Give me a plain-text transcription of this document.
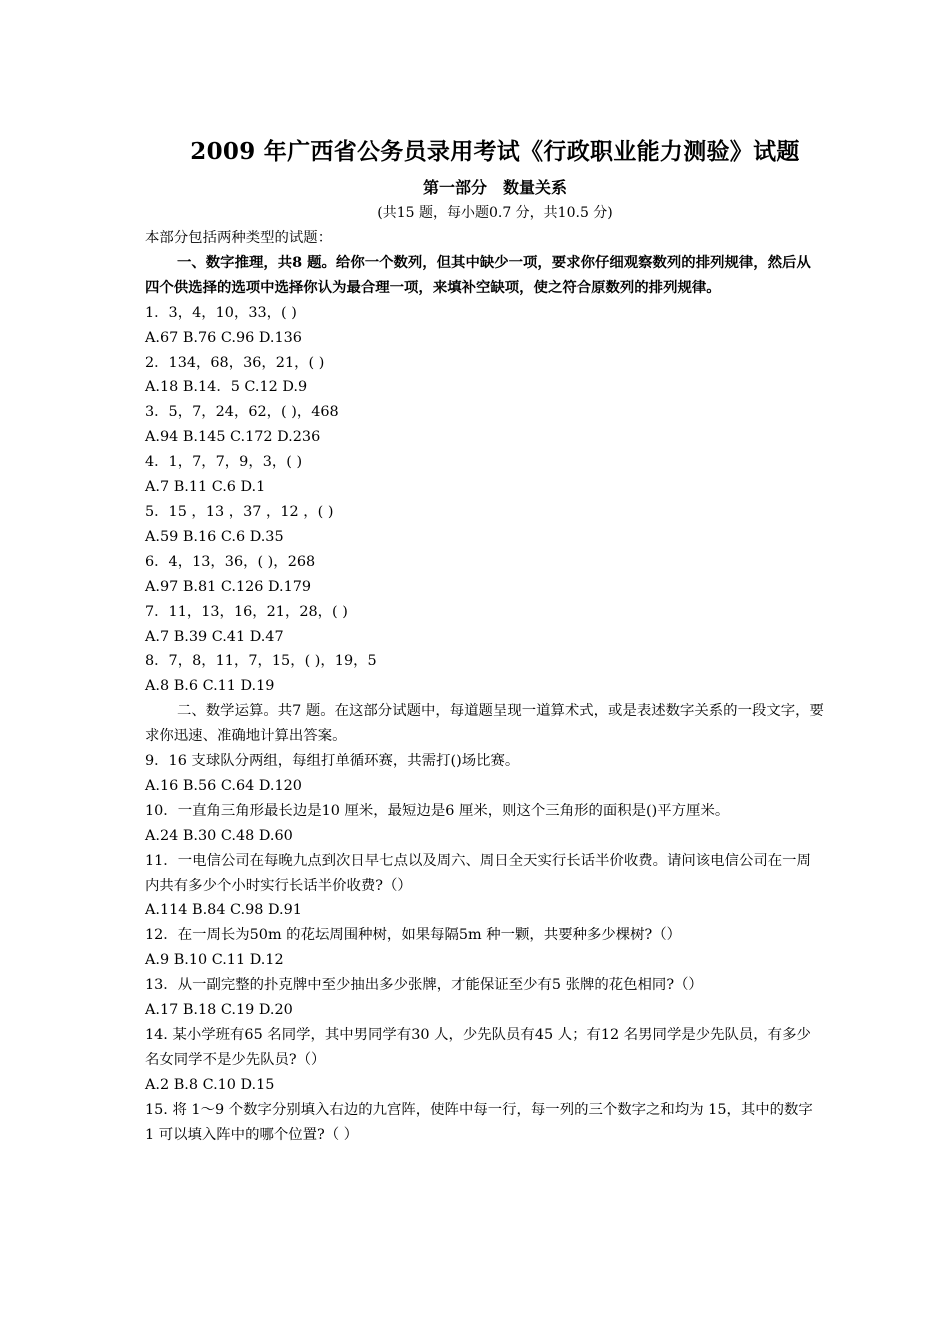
2009 年广西省公务员录用考试《行政职业能力测验》试题
第一部分　数量关系
(共15 题，每小题0.7 分，共10.5 分)
本部分包括两种类型的试题：
一、数字推理，共8 题。给你一个数列，但其中缺少一项，要求你仔细观察数列的排列规律，然后从四个供选择的选项中选择你认为最合理一项，来填补空缺项，使之符合原数列的排列规律。
1．3，4，10，33，( )
A.67 B.76 C.96 D.136
2．134，68，36，21，( )
A.18 B.14．5 C.12 D.9
3．5，7，24，62，( )，468
A.94 B.145 C.172 D.236
4．1，7，7，9，3，( )
A.7 B.11 C.6 D.1
5．15 ，13 ，37 ，12 ，( )
A.59 B.16 C.6 D.35
6．4，13，36，( )，268
A.97 B.81 C.126 D.179
7．11，13，16，21，28，( )
A.7 B.39 C.41 D.47
8．7，8，11，7，15，( )，19，5
A.8 B.6 C.11 D.19
二、数学运算。共7 题。在这部分试题中，每道题呈现一道算术式，或是表述数字关系的一段文字，要求你迅速、准确地计算出答案。
9．16 支球队分两组，每组打单循环赛，共需打()场比赛。
A.16 B.56 C.64 D.120
10．一直角三角形最长边是10 厘米，最短边是6 厘米，则这个三角形的面积是()平方厘米。
A.24 B.30 C.48 D.60
11．一电信公司在每晚九点到次日早七点以及周六、周日全天实行长话半价收费。请问该电信公司在一周内共有多少个小时实行长话半价收费?（）
A.114 B.84 C.98 D.91
12．在一周长为50m 的花坛周围种树，如果每隔5m 种一颗，共要种多少棵树?（）
A.9 B.10 C.11 D.12
13．从一副完整的扑克牌中至少抽出多少张牌，才能保证至少有5 张牌的花色相同?（）
A.17 B.18 C.19 D.20
14. 某小学班有65 名同学，其中男同学有30 人，少先队员有45 人；有12 名男同学是少先队员，有多少名女同学不是少先队员?（）
A.2 B.8 C.10 D.15
15. 将 1～9 个数字分别填入右边的九宫阵，使阵中每一行，每一列的三个数字之和均为 15，其中的数字 1 可以填入阵中的哪个位置?（ ）
